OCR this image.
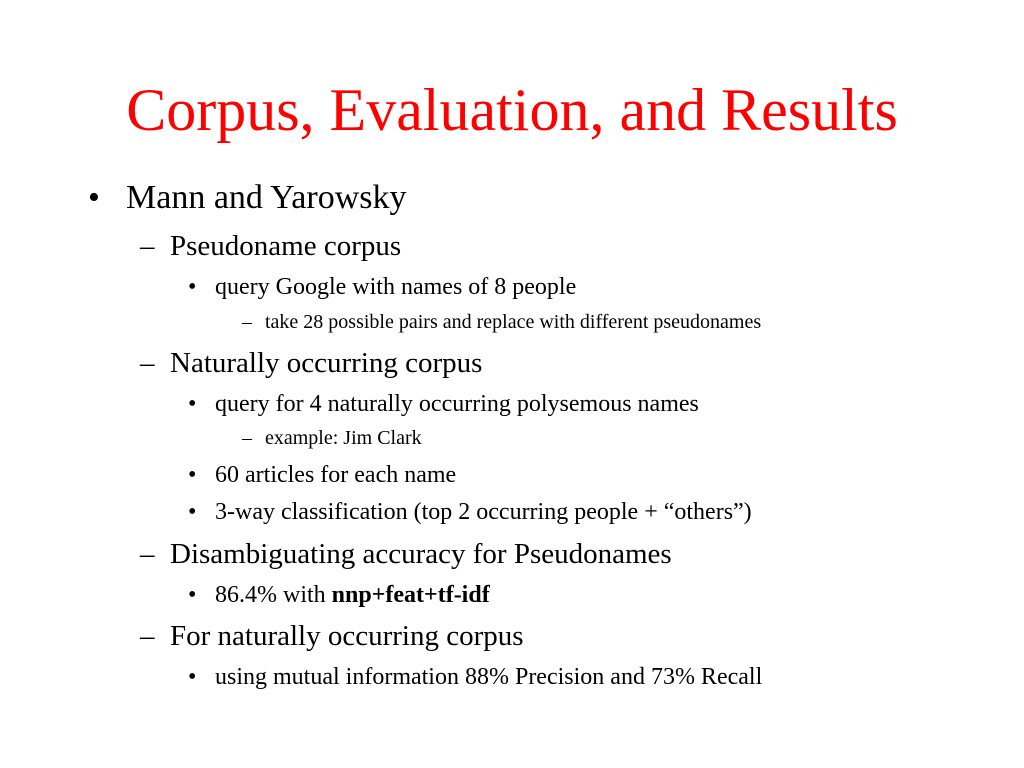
Corpus, Evaluation, and Results
• Mann and Yarowsky
– Pseudoname corpus
• query Google with names of 8 people
– take 28 possible pairs and replace with different pseudonames
– Naturally occurring corpus
• query for 4 naturally occurring polysemous names
– example: Jim Clark
• 60 articles for each name
• 3-way classification (top 2 occurring people + “others”)
– Disambiguating accuracy for Pseudonames
• 86.4% with nnp+feat+tf-idf
– For naturally occurring corpus
• using mutual information 88% Precision and 73% Recall
